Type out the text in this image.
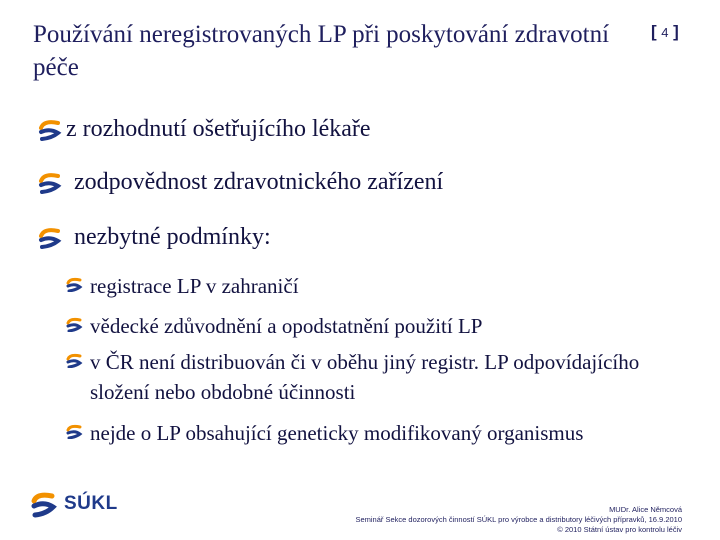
Používání neregistrovaných LP při poskytování zdravotní péče
[  4  ]
z rozhodnutí ošetřujícího lékaře
zodpovědnost zdravotnického zařízení
nezbytné podmínky:
registrace LP v zahraničí
vědecké zdůvodnění a opodstatnění použití LP
v ČR není distribuován či v oběhu jiný registr. LP odpovídajícího složení nebo obdobné účinnosti
nejde o LP obsahující geneticky modifikovaný organismus
SÚKL	MUDr. Alice Němcová
Seminář Sekce dozorových činností SÚKL pro výrobce a distributory léčivých přípravků, 16.9.2010
© 2010 Státní ústav pro kontrolu léčiv
